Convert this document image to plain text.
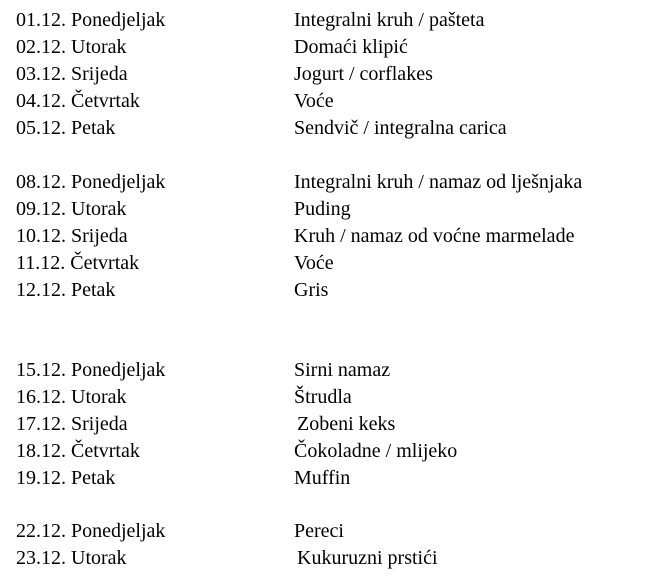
01.12. Ponedjeljak	Integralni kruh / pašteta
02.12. Utorak	Domaći klipić
03.12. Srijeda	Jogurt / corflakes
04.12. Četvrtak	Voće
05.12. Petak	Sendvič / integralna carica
08.12. Ponedjeljak	Integralni kruh / namaz od lješnjaka
09.12. Utorak	Puding
10.12. Srijeda	Kruh / namaz od voćne marmelade
11.12. Četvrtak	Voće
12.12. Petak	Gris
15.12. Ponedjeljak	Sirni namaz
16.12. Utorak	Štrudla
17.12. Srijeda	Zobeni keks
18.12. Četvrtak	Čokoladne / mlijeko
19.12. Petak	Muffin
22.12. Ponedjeljak	Pereci
23.12. Utorak	Kukuruzni prstići
